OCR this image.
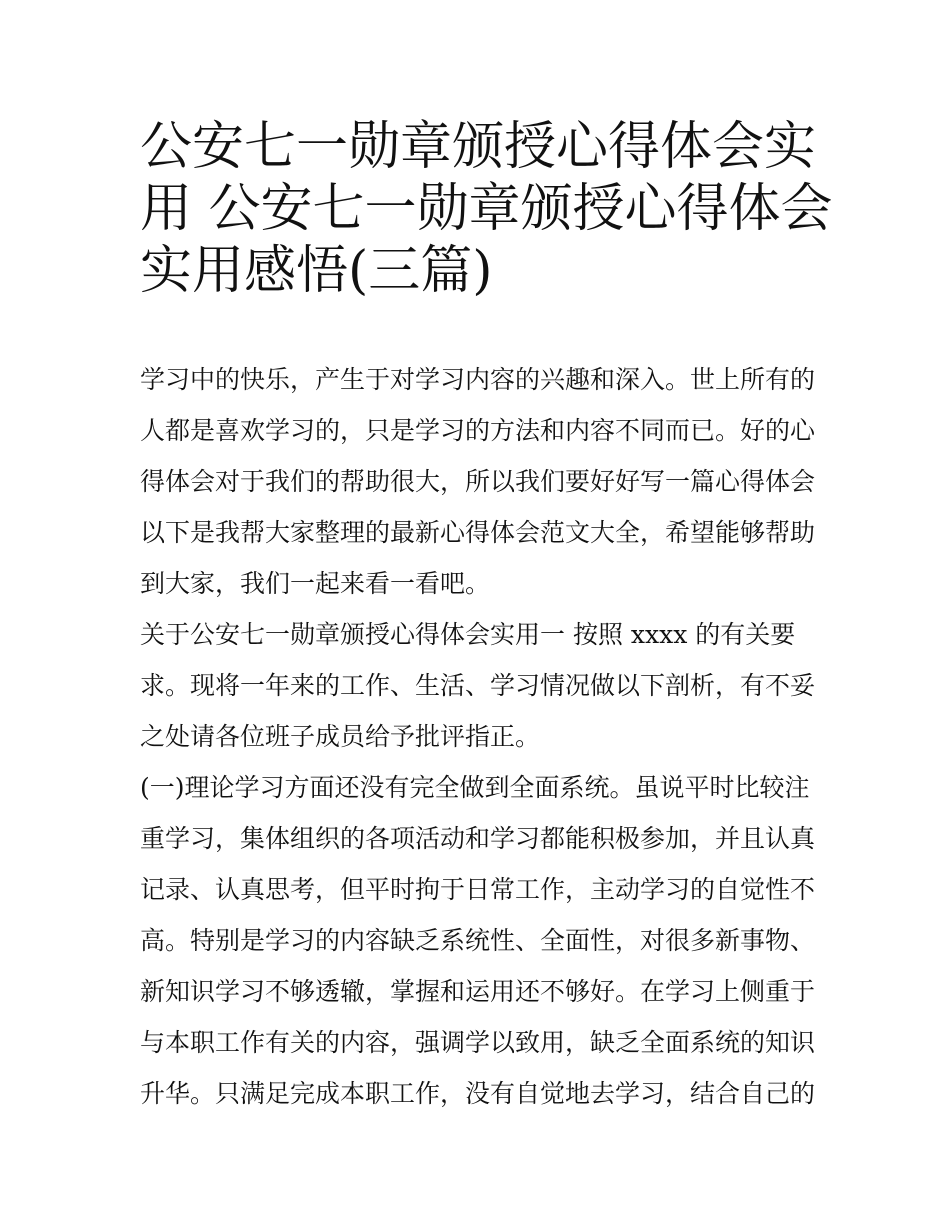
公安七一勋章颁授心得体会实
用 公安七一勋章颁授心得体会
实用感悟(三篇)
学习中的快乐，产生于对学习内容的兴趣和深入。世上所有的
人都是喜欢学习的，只是学习的方法和内容不同而已。好的心
得体会对于我们的帮助很大，所以我们要好好写一篇心得体会
以下是我帮大家整理的最新心得体会范文大全，希望能够帮助
到大家，我们一起来看一看吧。
关于公安七一勋章颁授心得体会实用一 按照 xxxx 的有关要
求。现将一年来的工作、生活、学习情况做以下剖析，有不妥
之处请各位班子成员给予批评指正。
(一)理论学习方面还没有完全做到全面系统。虽说平时比较注
重学习，集体组织的各项活动和学习都能积极参加，并且认真
记录、认真思考，但平时拘于日常工作，主动学习的自觉性不
高。特别是学习的内容缺乏系统性、全面性，对很多新事物、
新知识学习不够透辙，掌握和运用还不够好。在学习上侧重于
与本职工作有关的内容，强调学以致用，缺乏全面系统的知识
升华。只满足完成本职工作，没有自觉地去学习，结合自己的
